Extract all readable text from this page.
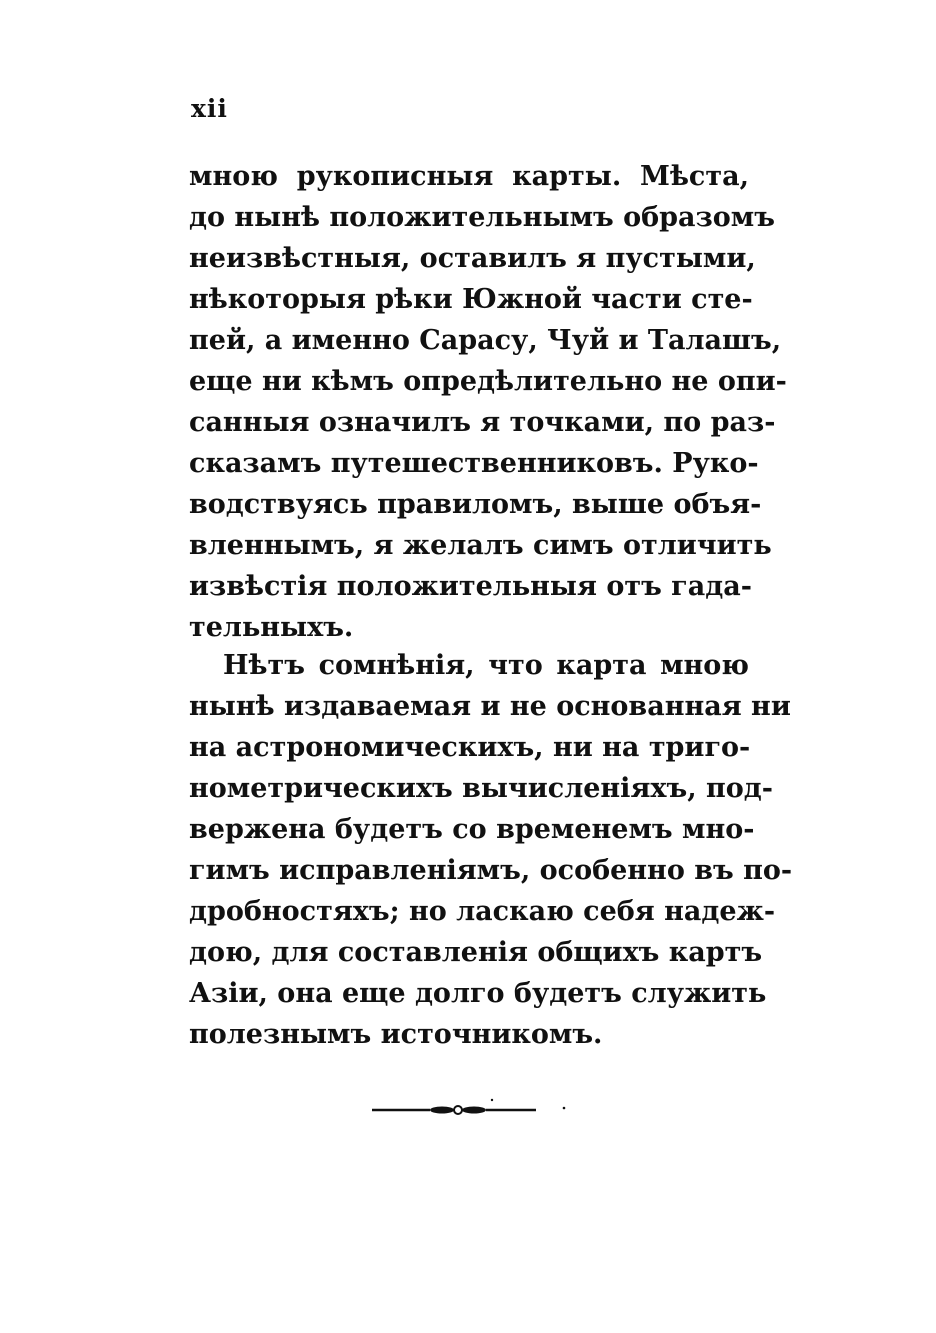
xii
мною рукописныя карты. Мѣста,
до нынѣ положительнымъ образомъ
неизвѣстныя, оставилъ я пустыми,
нѣкоторыя рѣки Южной части сте-
пей, а именно Сарасу, Чуй и Талашъ,
еще ни кѣмъ опредѣлительно не опи-
санныя означилъ я точками, по раз-
сказамъ путешественниковъ. Руко-
водствуясь правиломъ, выше объя-
вленнымъ, я желалъ симъ отличить
извѣстія положительныя отъ гада-
тельныхъ.
Нѣтъ сомнѣнія, что карта мною
нынѣ издаваемая и не основанная ни
на астрономическихъ, ни на триго-
нометрическихъ вычисленіяхъ, под-
вержена будетъ со временемъ мно-
гимъ исправленіямъ, особенно въ по-
дробностяхъ; но ласкаю себя надеж-
дою, для составленія общихъ картъ
Азіи, она еще долго будетъ служить
полезнымъ источникомъ.
